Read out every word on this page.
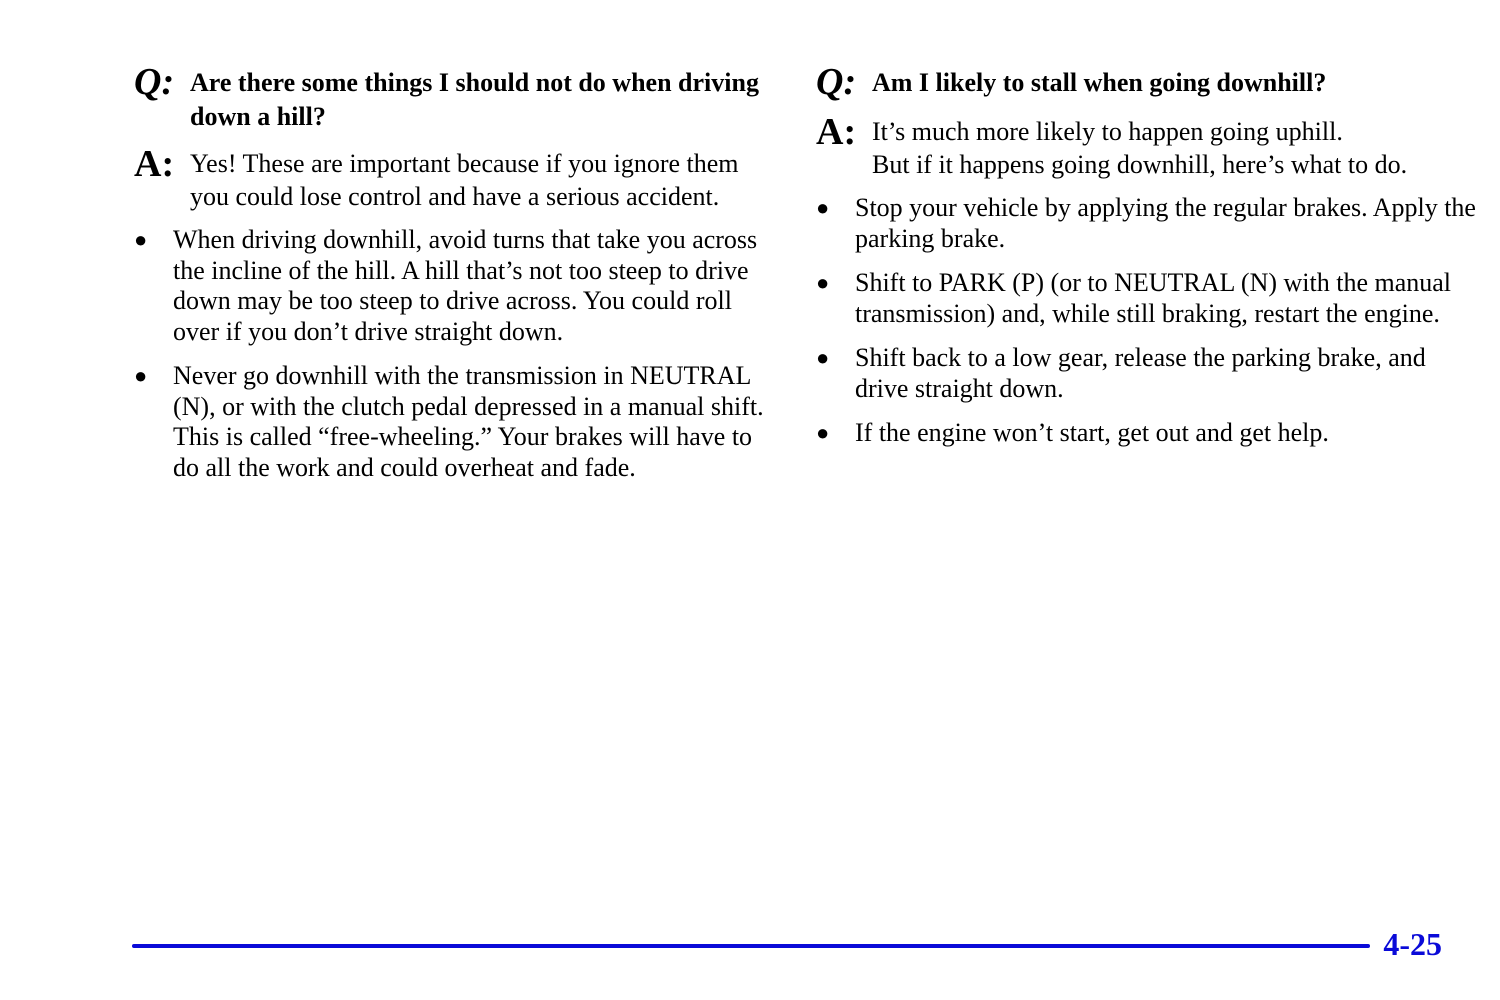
Q: Are there some things I should not do when driving down a hill?
A: Yes! These are important because if you ignore them you could lose control and have a serious accident.
● When driving downhill, avoid turns that take you across the incline of the hill. A hill that’s not too steep to drive down may be too steep to drive across. You could roll over if you don’t drive straight down.
● Never go downhill with the transmission in NEUTRAL (N), or with the clutch pedal depressed in a manual shift. This is called “free-wheeling.” Your brakes will have to do all the work and could overheat and fade.
Q: Am I likely to stall when going downhill?
A: It’s much more likely to happen going uphill.
But if it happens going downhill, here’s what to do.
● Stop your vehicle by applying the regular brakes. Apply the parking brake.
● Shift to PARK (P) (or to NEUTRAL (N) with the manual transmission) and, while still braking, restart the engine.
● Shift back to a low gear, release the parking brake, and drive straight down.
● If the engine won’t start, get out and get help.
4-25
